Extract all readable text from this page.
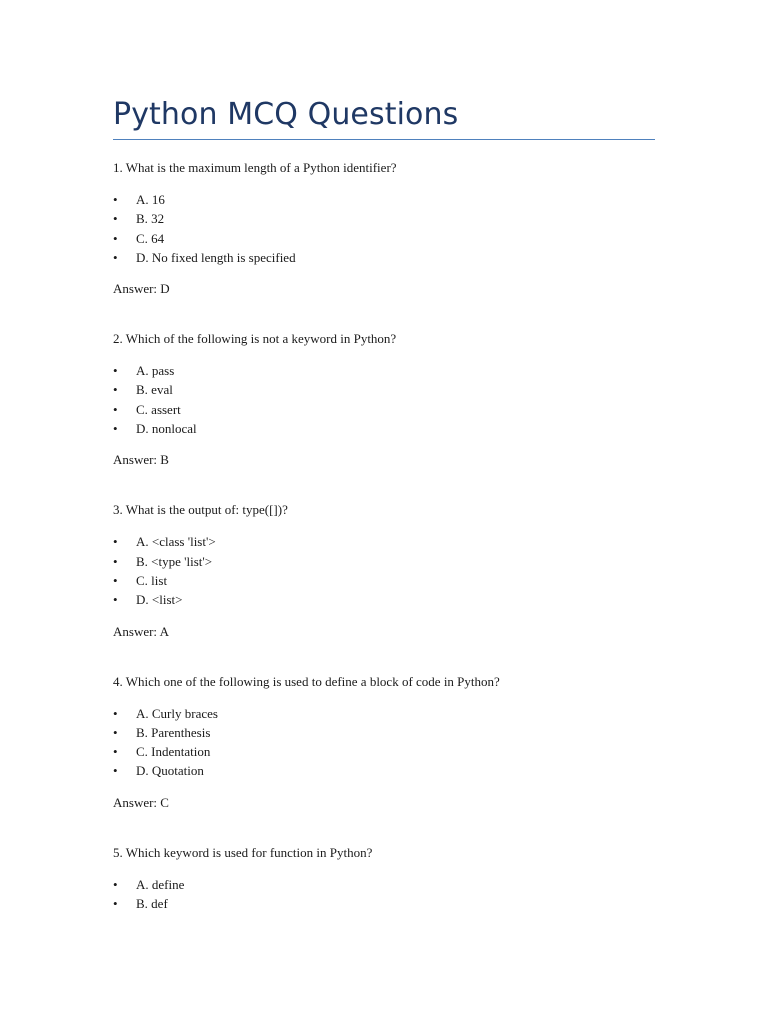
Python MCQ Questions

1. What is the maximum length of a Python identifier?

• A. 16
• B. 32
• C. 64
• D. No fixed length is specified

Answer: D

2. Which of the following is not a keyword in Python?

• A. pass
• B. eval
• C. assert
• D. nonlocal

Answer: B

3. What is the output of: type([])?

• A. <class 'list'>
• B. <type 'list'>
• C. list
• D. <list>

Answer: A

4. Which one of the following is used to define a block of code in Python?

• A. Curly braces
• B. Parenthesis
• C. Indentation
• D. Quotation

Answer: C

5. Which keyword is used for function in Python?

• A. define
• B. def
